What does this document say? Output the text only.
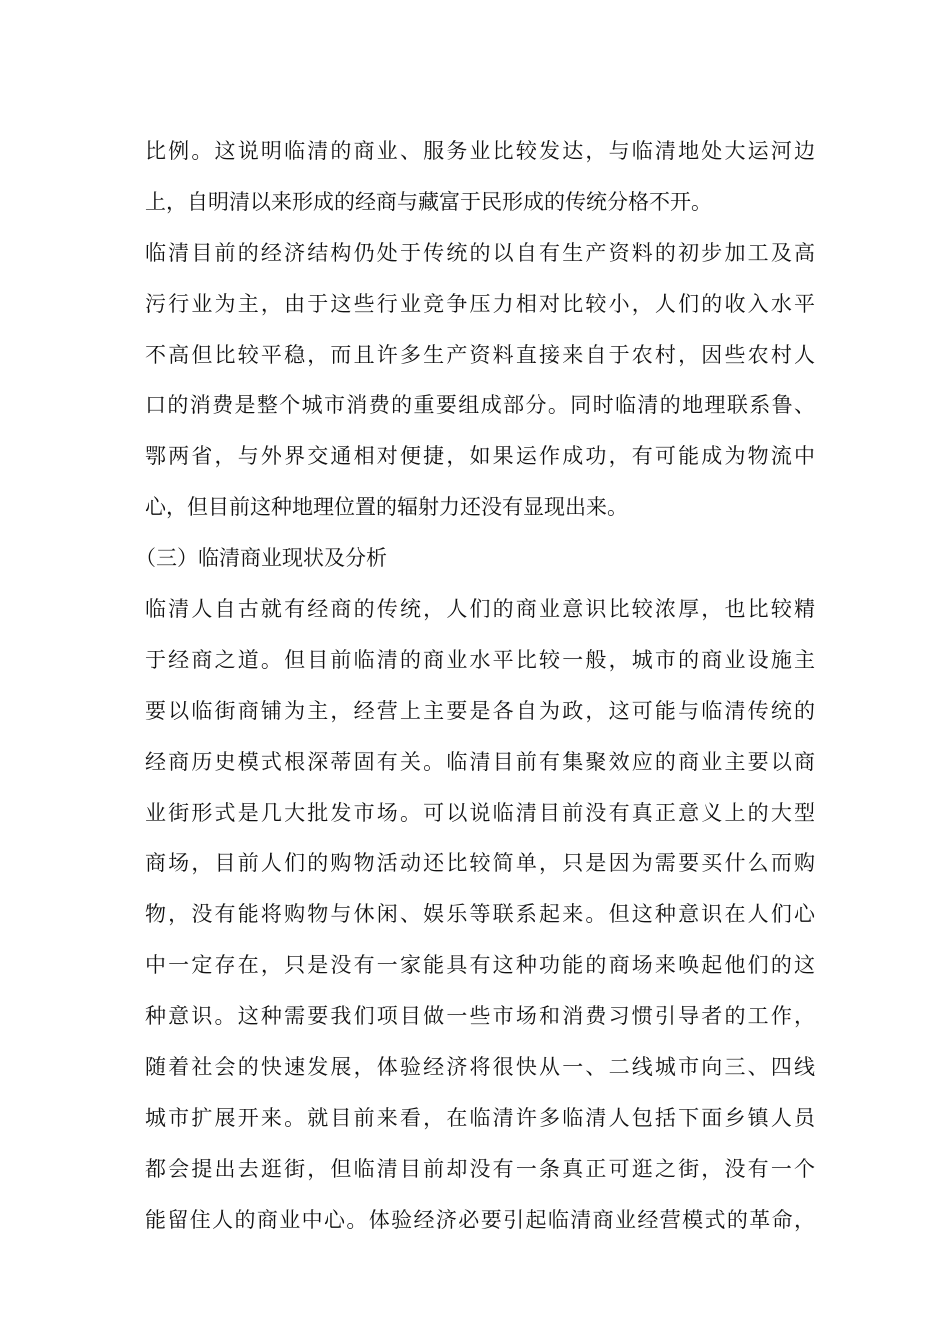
比例。这说明临清的商业、服务业比较发达，与临清地处大运河边
上，自明清以来形成的经商与藏富于民形成的传统分格不开。
临清目前的经济结构仍处于传统的以自有生产资料的初步加工及高
污行业为主，由于这些行业竞争压力相对比较小，人们的收入水平
不高但比较平稳，而且许多生产资料直接来自于农村，因些农村人
口的消费是整个城市消费的重要组成部分。同时临清的地理联系鲁、
鄂两省，与外界交通相对便捷，如果运作成功，有可能成为物流中
心，但目前这种地理位置的辐射力还没有显现出来。
（三）临清商业现状及分析
临清人自古就有经商的传统，人们的商业意识比较浓厚，也比较精
于经商之道。但目前临清的商业水平比较一般，城市的商业设施主
要以临街商铺为主，经营上主要是各自为政，这可能与临清传统的
经商历史模式根深蒂固有关。临清目前有集聚效应的商业主要以商
业街形式是几大批发市场。可以说临清目前没有真正意义上的大型
商场，目前人们的购物活动还比较简单，只是因为需要买什么而购
物，没有能将购物与休闲、娱乐等联系起来。但这种意识在人们心
中一定存在，只是没有一家能具有这种功能的商场来唤起他们的这
种意识。这种需要我们项目做一些市场和消费习惯引导者的工作，
随着社会的快速发展，体验经济将很快从一、二线城市向三、四线
城市扩展开来。就目前来看，在临清许多临清人包括下面乡镇人员
都会提出去逛街，但临清目前却没有一条真正可逛之街，没有一个
能留住人的商业中心。体验经济必要引起临清商业经营模式的革命，
